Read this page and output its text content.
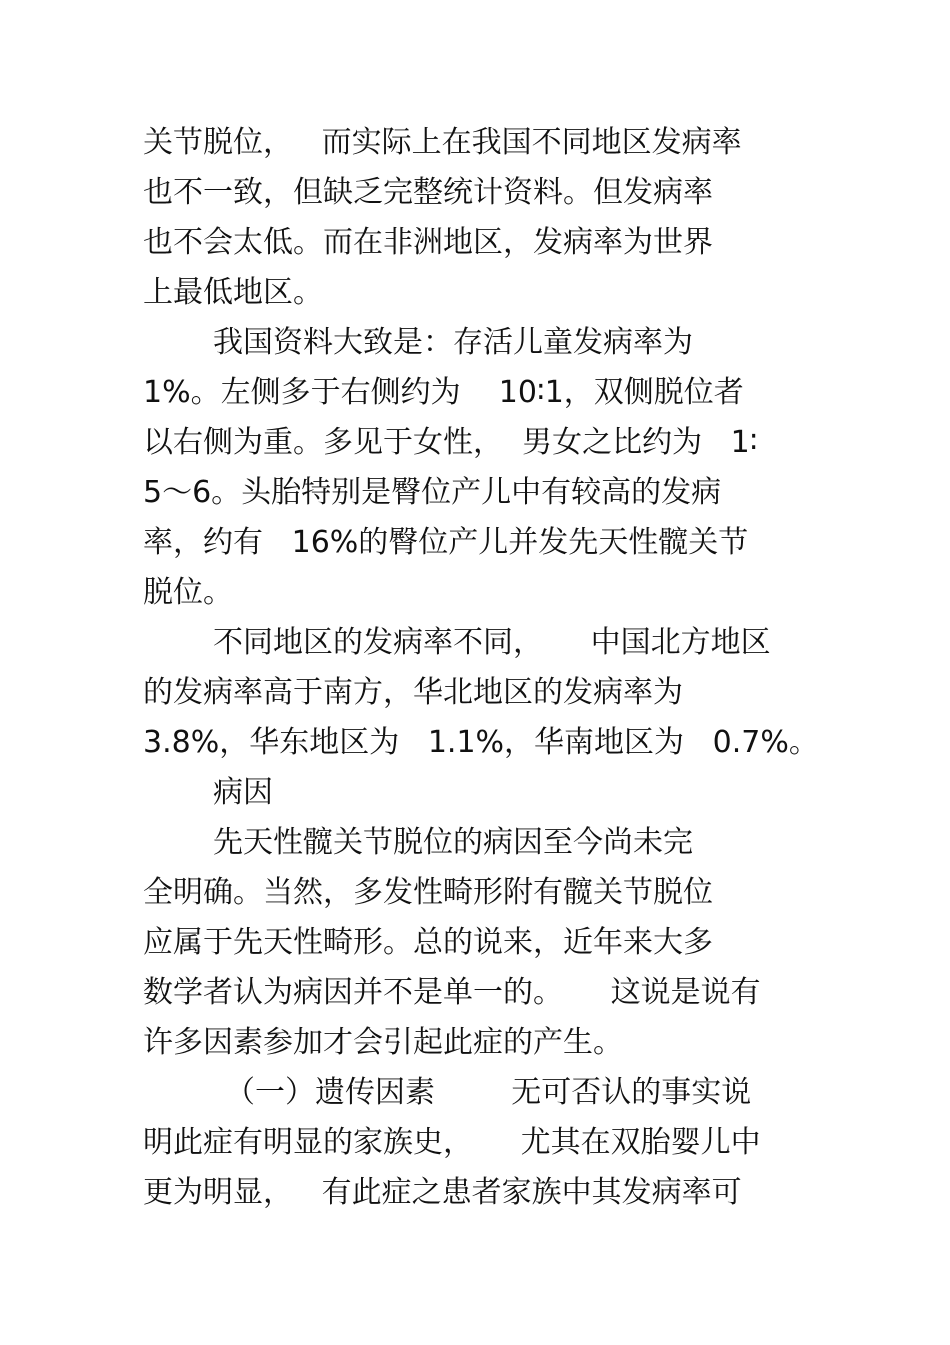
关节脱位，   而实际上在我国不同地区发病率
也不一致，但缺乏完整统计资料。但发病率
也不会太低。而在非洲地区，发病率为世界
上最低地区。
我国资料大致是：存活儿童发病率为
1%。左侧多于右侧约为    10∶1，双侧脱位者
以右侧为重。多见于女性，  男女之比约为   1∶
5～6。头胎特别是臀位产儿中有较高的发病
率，约有   16%的臀位产儿并发先天性髋关节
脱位。
不同地区的发病率不同，     中国北方地区
的发病率高于南方，华北地区的发病率为
3.8%，华东地区为   1.1%，华南地区为   0.7%。
病因
先天性髋关节脱位的病因至今尚未完
全明确。当然，多发性畸形附有髋关节脱位
应属于先天性畸形。总的说来，近年来大多
数学者认为病因并不是单一的。     这说是说有
许多因素参加才会引起此症的产生。
（一）遗传因素        无可否认的事实说
明此症有明显的家族史，     尤其在双胎婴儿中
更为明显，   有此症之患者家族中其发病率可
